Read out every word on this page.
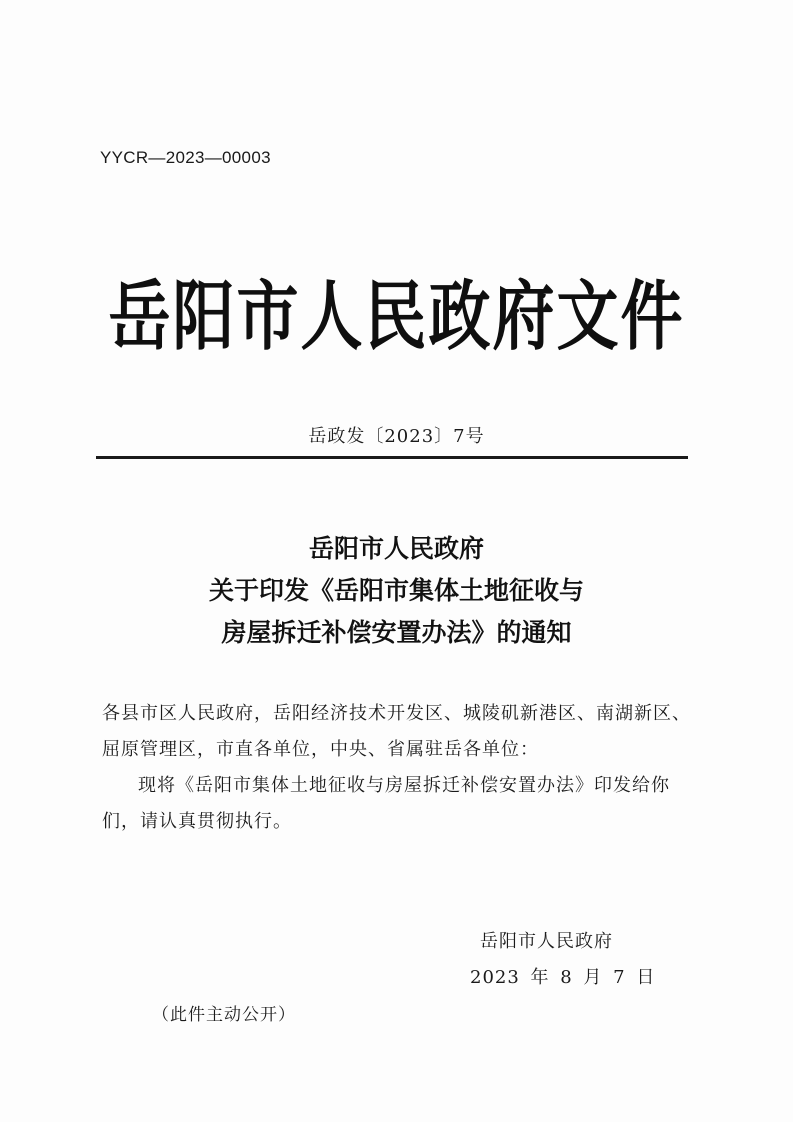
YYCR—2023—00003
岳阳市人民政府文件
岳政发〔2023〕7号
岳阳市人民政府
关于印发《岳阳市集体土地征收与
房屋拆迁补偿安置办法》的通知

各县市区人民政府，岳阳经济技术开发区、城陵矶新港区、南湖新区、屈原管理区，市直各单位，中央、省属驻岳各单位：

现将《岳阳市集体土地征收与房屋拆迁补偿安置办法》印发给你们，请认真贯彻执行。

岳阳市人民政府
2023 年 8 月 7 日
（此件主动公开）
